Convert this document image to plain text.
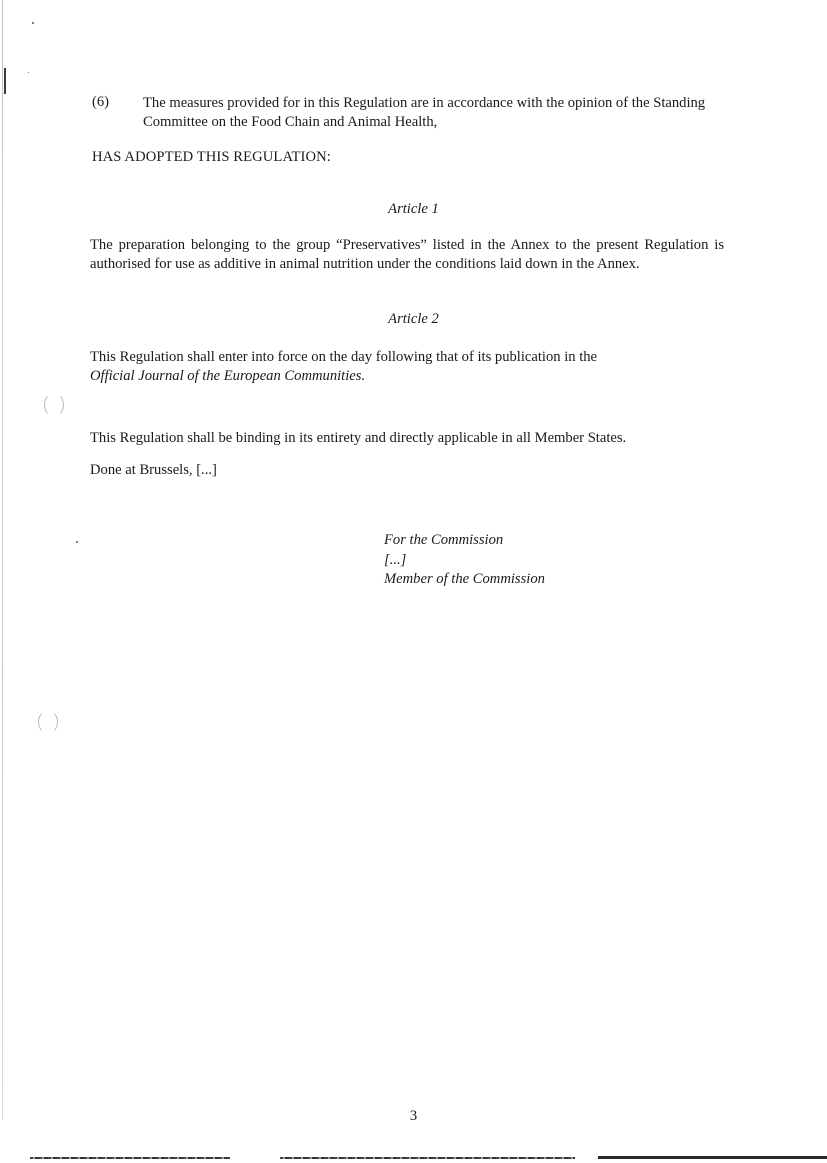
(6) The measures provided for in this Regulation are in accordance with the opinion of the Standing Committee on the Food Chain and Animal Health,
HAS ADOPTED THIS REGULATION:
Article 1
The preparation belonging to the group “Preservatives” listed in the Annex to the present Regulation is authorised for use as additive in animal nutrition under the conditions laid down in the Annex.
Article 2
This Regulation shall enter into force on the day following that of its publication in the
Official Journal of the European Communities.
This Regulation shall be binding in its entirety and directly applicable in all Member States.
Done at Brussels, [...]
For the Commission
[...]
Member of the Commission
3
